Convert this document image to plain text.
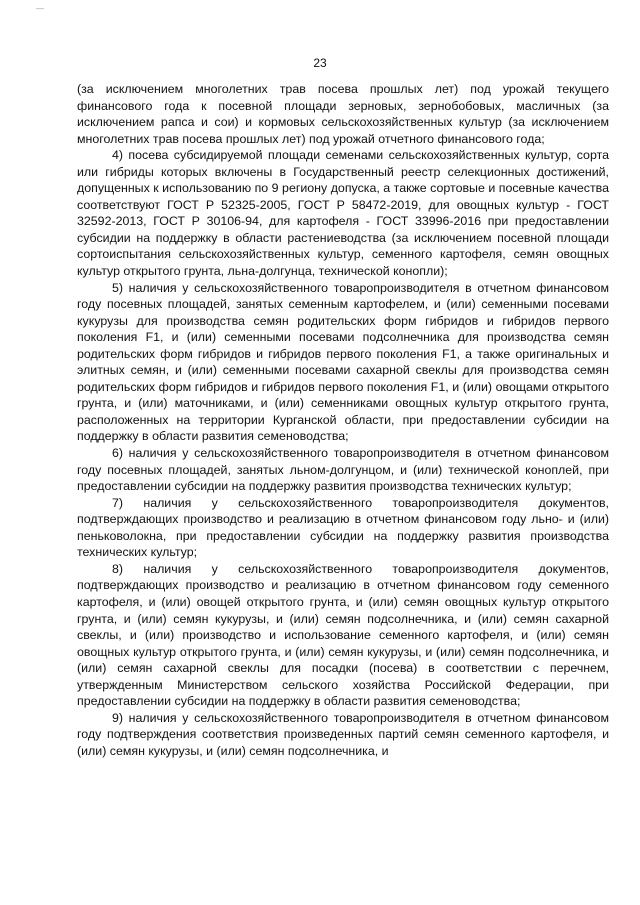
—
23

(за исключением многолетних трав посева прошлых лет) под урожай текущего финансового года к посевной площади зерновых, зернобобовых, масличных (за исключением рапса и сои) и кормовых сельскохозяйственных культур (за исключением многолетних трав посева прошлых лет) под урожай отчетного финансового года;

4) посева субсидируемой площади семенами сельскохозяйственных культур, сорта или гибриды которых включены в Государственный реестр селекционных достижений, допущенных к использованию по 9 региону допуска, а также сортовые и посевные качества соответствуют ГОСТ Р 52325-2005, ГОСТ Р 58472-2019, для овощных культур - ГОСТ 32592-2013, ГОСТ Р 30106-94, для картофеля - ГОСТ 33996-2016 при предоставлении субсидии на поддержку в области растениеводства (за исключением посевной площади сортоиспытания сельскохозяйственных культур, семенного картофеля, семян овощных культур открытого грунта, льна-долгунца, технической конопли);

5) наличия у сельскохозяйственного товаропроизводителя в отчетном финансовом году посевных площадей, занятых семенным картофелем, и (или) семенными посевами кукурузы для производства семян родительских форм гибридов и гибридов первого поколения F1, и (или) семенными посевами подсолнечника для производства семян родительских форм гибридов и гибридов первого поколения F1, а также оригинальных и элитных семян, и (или) семенными посевами сахарной свеклы для производства семян родительских форм гибридов и гибридов первого поколения F1, и (или) овощами открытого грунта, и (или) маточниками, и (или) семенниками овощных культур открытого грунта, расположенных на территории Курганской области, при предоставлении субсидии на поддержку в области развития семеноводства;

6) наличия у сельскохозяйственного товаропроизводителя в отчетном финансовом году посевных площадей, занятых льном-долгунцом, и (или) технической коноплей, при предоставлении субсидии на поддержку развития производства технических культур;

7) наличия у сельскохозяйственного товаропроизводителя документов, подтверждающих производство и реализацию в отчетном финансовом году льно- и (или) пеньковолокна, при предоставлении субсидии на поддержку развития производства технических культур;

8) наличия у сельскохозяйственного товаропроизводителя документов, подтверждающих производство и реализацию в отчетном финансовом году семенного картофеля, и (или) овощей открытого грунта, и (или) семян овощных культур открытого грунта, и (или) семян кукурузы, и (или) семян подсолнечника, и (или) семян сахарной свеклы, и (или) производство и использование семенного картофеля, и (или) семян овощных культур открытого грунта, и (или) семян кукурузы, и (или) семян подсолнечника, и (или) семян сахарной свеклы для посадки (посева) в соответствии с перечнем, утвержденным Министерством сельского хозяйства Российской Федерации, при предоставлении субсидии на поддержку в области развития семеноводства;

9) наличия у сельскохозяйственного товаропроизводителя в отчетном финансовом году подтверждения соответствия произведенных партий семян семенного картофеля, и (или) семян кукурузы, и (или) семян подсолнечника, и
